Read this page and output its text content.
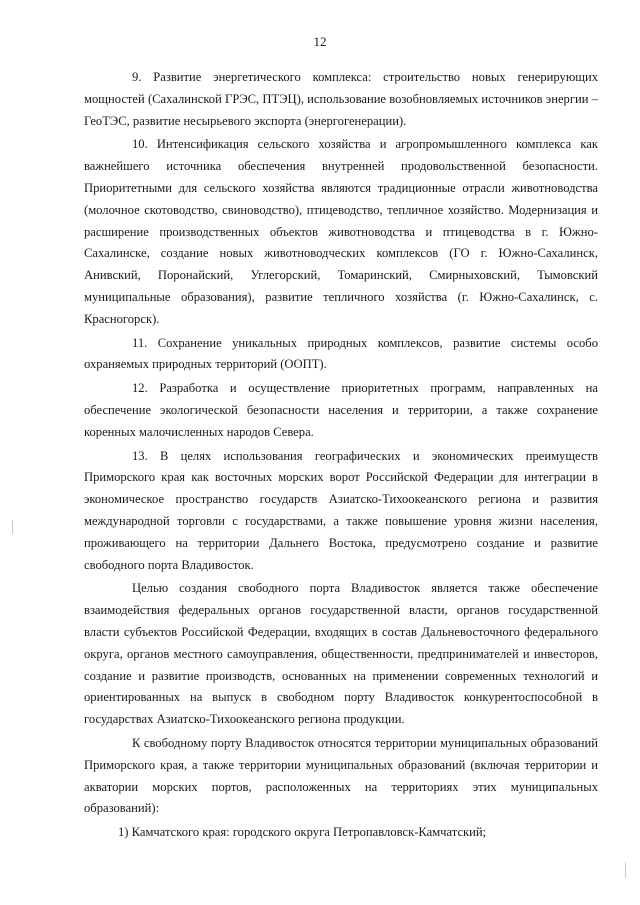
12

9. Развитие энергетического комплекса: строительство новых генерирующих мощностей (Сахалинской ГРЭС, ПТЭЦ), использование возобновляемых источников энергии – ГеоТЭС, развитие несырьевого экспорта (энергогенерации).

10. Интенсификация сельского хозяйства и агропромышленного комплекса как важнейшего источника обеспечения внутренней продовольственной безопасности. Приоритетными для сельского хозяйства являются традиционные отрасли животноводства (молочное скотоводство, свиноводство), птицеводство, тепличное хозяйство. Модернизация и расширение производственных объектов животноводства и птицеводства в г. Южно-Сахалинске, создание новых животноводческих комплексов (ГО г. Южно-Сахалинск, Анивский, Поронайский, Углегорский, Томаринский, Смирныховский, Тымовский муниципальные образования), развитие тепличного хозяйства (г. Южно-Сахалинск, с. Красногорск).

11. Сохранение уникальных природных комплексов, развитие системы особо охраняемых природных территорий (ООПТ).

12. Разработка и осуществление приоритетных программ, направленных на обеспечение экологической безопасности населения и территории, а также сохранение коренных малочисленных народов Севера.

13. В целях использования географических и экономических преимуществ Приморского края как восточных морских ворот Российской Федерации для интеграции в экономическое пространство государств Азиатско-Тихоокеанского региона и развития международной торговли с государствами, а также повышение уровня жизни населения, проживающего на территории Дальнего Востока, предусмотрено создание и развитие свободного порта Владивосток.

Целью создания свободного порта Владивосток является также обеспечение взаимодействия федеральных органов государственной власти, органов государственной власти субъектов Российской Федерации, входящих в состав Дальневосточного федерального округа, органов местного самоуправления, общественности, предпринимателей и инвесторов, создание и развитие производств, основанных на применении современных технологий и ориентированных на выпуск в свободном порту Владивосток конкурентоспособной в государствах Азиатско-Тихоокеанского региона продукции.

К свободному порту Владивосток относятся территории муниципальных образований Приморского края, а также территории муниципальных образований (включая территории и акватории морских портов, расположенных на территориях этих муниципальных образований):

1) Камчатского края: городского округа Петропавловск-Камчатский;
